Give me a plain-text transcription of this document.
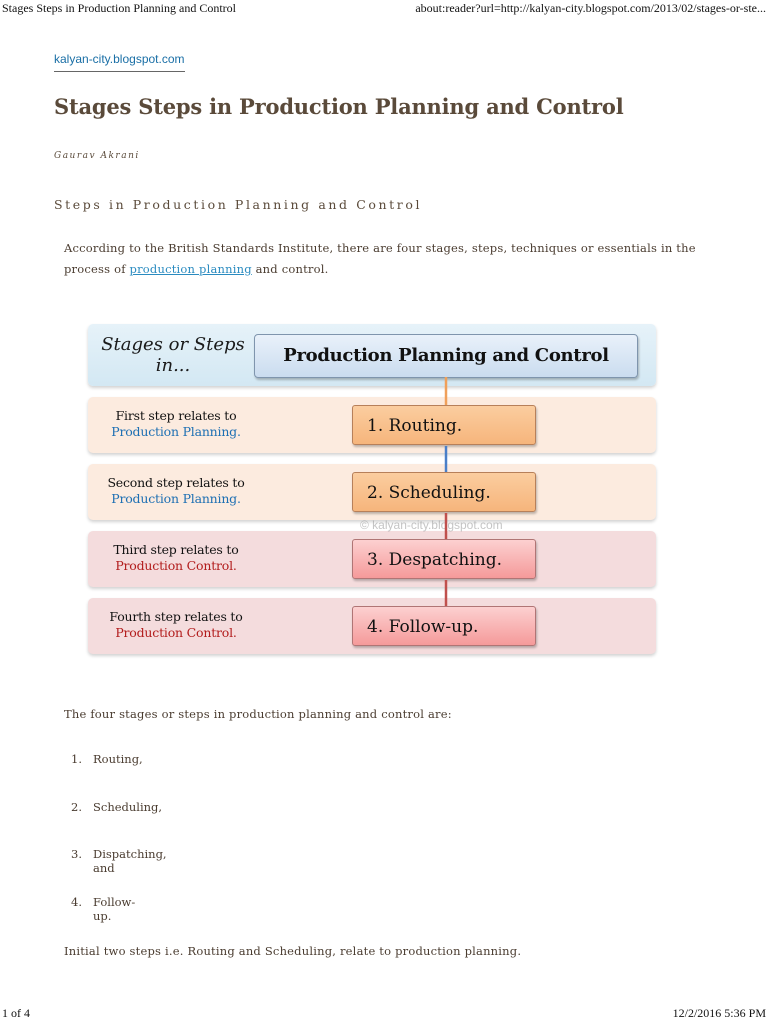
Stages Steps in Production Planning and Control	about:reader?url=http://kalyan-city.blogspot.com/2013/02/stages-or-ste...
kalyan-city.blogspot.com
Stages Steps in Production Planning and Control
Gaurav Akrani
Steps in Production Planning and Control

According to the British Standards Institute, there are four stages, steps, techniques or essentials in the process of production planning and control.

Stages or Steps in...	Production Planning and Control
First step relates to
Production Planning.	1. Routing.
Second step relates to
Production Planning.	2. Scheduling.
Third step relates to
Production Control.	3. Despatching.
Fourth step relates to
Production Control.	4. Follow-up.
© kalyan-city.blogspot.com

The four stages or steps in production planning and control are:

1. Routing,
2. Scheduling,
3. Dispatching, and
4. Follow-up.

Initial two steps i.e. Routing and Scheduling, relate to production planning.

1 of 4	12/2/2016 5:36 PM
